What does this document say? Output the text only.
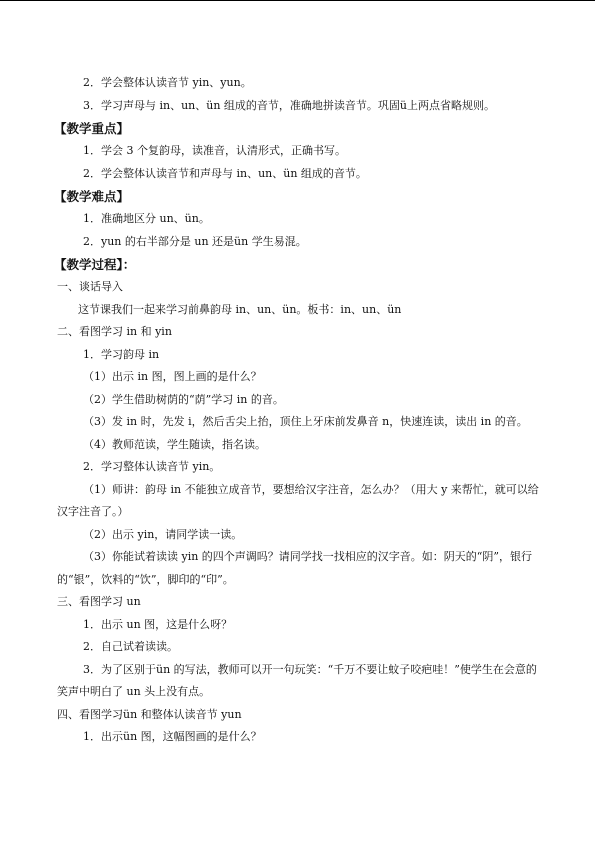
2．学会整体认读音节 yin、yun。

3．学习声母与 in、un、ün 组成的音节，准确地拼读音节。巩固ü上两点省略规则。

【教学重点】

1．学会 3 个复韵母，读准音，认清形式，正确书写。

2．学会整体认读音节和声母与 in、un、ün 组成的音节。

【教学难点】

1．准确地区分 un、ün。

2．yun 的右半部分是 un 还是ün 学生易混。

【教学过程】：

一、谈话导入

这节课我们一起来学习前鼻韵母 in、un、ün。板书：in、un、ün

二、看图学习 in 和 yin

1．学习韵母 in

（1）出示 in 图，图上画的是什么？

（2）学生借助树荫的“荫”学习 in 的音。

（3）发 in 时，先发 i，然后舌尖上抬，顶住上牙床前发鼻音 n，快速连读，读出 in 的音。

（4）教师范读，学生随读，指名读。

2．学习整体认读音节 yin。

（1）师讲：韵母 in 不能独立成音节，要想给汉字注音，怎么办？（用大 y 来帮忙，就可以给汉字注音了。）

（2）出示 yin，请同学读一读。

（3）你能试着读读 yin 的四个声调吗？请同学找一找相应的汉字音。如：阴天的“阴”，银行的“银”，饮料的“饮”，脚印的“印”。

三、看图学习 un

1．出示 un 图，这是什么呀？

2．自己试着读读。

3．为了区别于ün 的写法，教师可以开一句玩笑：“千万不要让蚊子咬疤哇！”使学生在会意的笑声中明白了 un 头上没有点。

四、看图学习ün 和整体认读音节 yun

1．出示ün 图，这幅图画的是什么？
